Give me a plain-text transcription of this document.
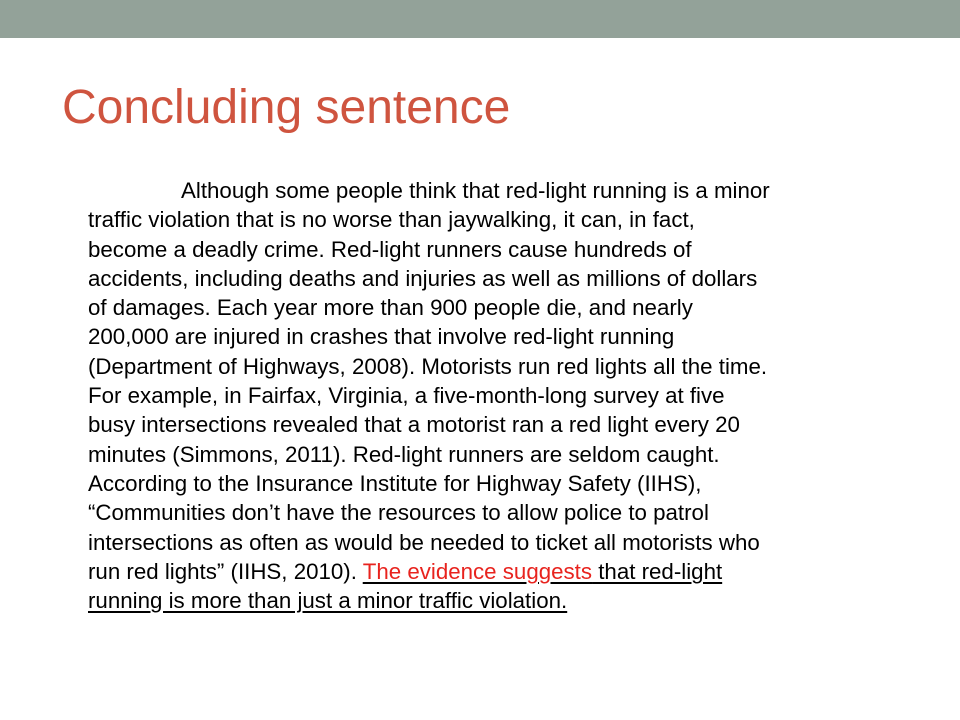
Concluding sentence
Although some people think that red-light running is a minor
traffic violation that is no worse than jaywalking, it can, in fact,
become a deadly crime. Red-light runners cause hundreds of
accidents, including deaths and injuries as well as millions of dollars
of damages. Each year more than 900 people die, and nearly
200,000 are injured in crashes that involve red-light running
(Department of Highways, 2008). Motorists run red lights all the time.
For example, in Fairfax, Virginia, a five-month-long survey at five
busy intersections revealed that a motorist ran a red light every 20
minutes (Simmons, 2011). Red-light runners are seldom caught.
According to the Insurance Institute for Highway Safety (IIHS),
“Communities don’t have the resources to allow police to patrol
intersections as often as would be needed to ticket all motorists who
run red lights” (IIHS, 2010). The evidence suggests that red-light
running is more than just a minor traffic violation.
